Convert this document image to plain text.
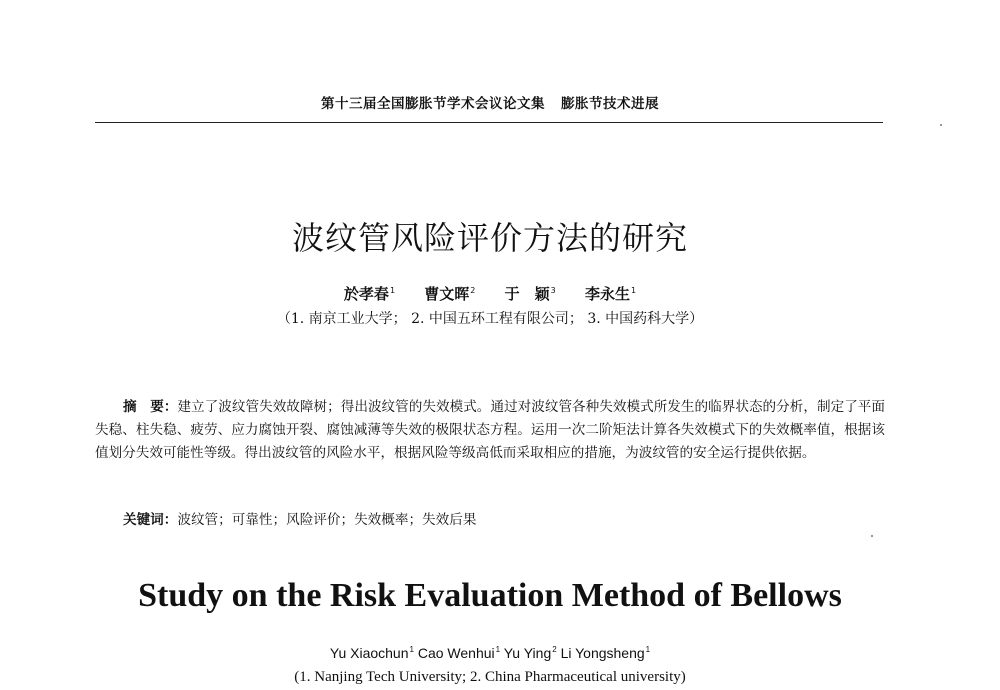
第十三届全国膨胀节学术会议论文集 膨胀节技术进展
波纹管风险评价方法的研究
於孝春$^1$ 曹文晖$^2$ 于　颖$^3$ 李永生$^1$
（1. 南京工业大学； 2. 中国五环工程有限公司； 3. 中国药科大学）

摘　要：建立了波纹管失效故障树；得出波纹管的失效模式。通过对波纹管各种失效模式所发生的临界状态的分析，制定了平面失稳、柱失稳、疲劳、应力腐蚀开裂、腐蚀减薄等失效的极限状态方程。运用一次二阶矩法计算各失效模式下的失效概率值，根据该值划分失效可能性等级。得出波纹管的风险水平，根据风险等级高低而采取相应的措施，为波纹管的安全运行提供依据。

关键词：波纹管；可靠性；风险评价；失效概率；失效后果
Study on the Risk Evaluation Method of Bellows
Yu Xiaochun$^1$ Cao Wenhui$^1$ Yu Ying$^2$ Li Yongsheng$^1$
(1. Nanjing Tech University; 2. China Pharmaceutical university)
